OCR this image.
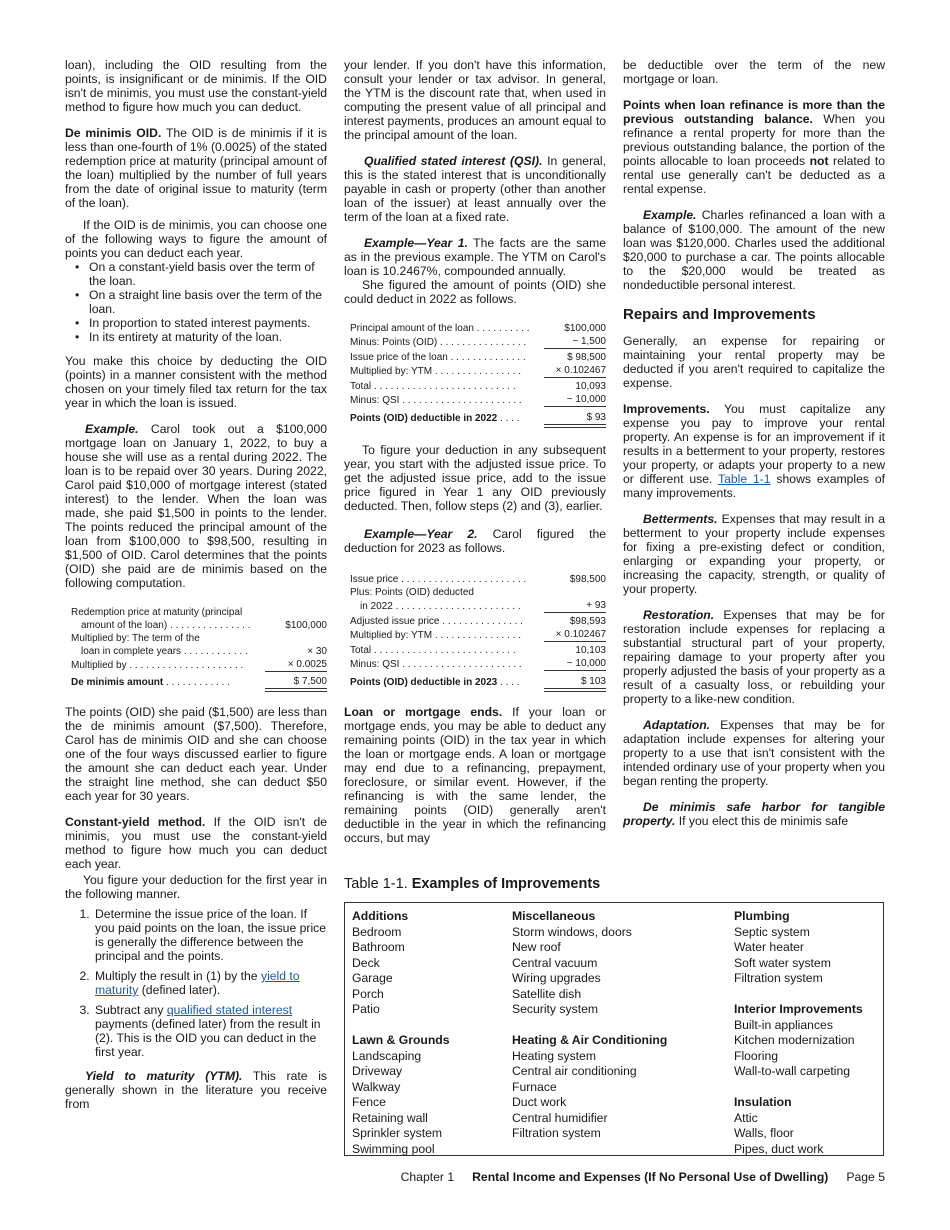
loan), including the OID resulting from the points, is insignificant or de minimis. If the OID isn't de minimis, you must use the constant-yield method to figure how much you can deduct.

De minimis OID. The OID is de minimis if it is less than one-fourth of 1% (0.0025) of the stated redemption price at maturity (principal amount of the loan) multiplied by the number of full years from the date of original issue to maturity (term of the loan).

If the OID is de minimis, you can choose one of the following ways to figure the amount of points you can deduct each year.

• On a constant-yield basis over the term of the loan.
• On a straight line basis over the term of the loan.
• In proportion to stated interest payments.
• In its entirety at maturity of the loan.

You make this choice by deducting the OID (points) in a manner consistent with the method chosen on your timely filed tax return for the tax year in which the loan is issued.

Example. Carol took out a $100,000 mortgage loan on January 1, 2022, to buy a house she will use as a rental during 2022. The loan is to be repaid over 30 years. During 2022, Carol paid $10,000 of mortgage interest (stated interest) to the lender. When the loan was made, she paid $1,500 in points to the lender. The points reduced the principal amount of the loan from $100,000 to $98,500, resulting in $1,500 of OID. Carol determines that the points (OID) she paid are de minimis based on the following computation.

Redemption price at maturity (principal
amount of the loan) . . . . . . . . . . . . . . .	$100,000
Multiplied by: The term of the
loan in complete years . . . . . . . . . . . .	× 30
Multiplied by . . . . . . . . . . . . . . . . . . . . .	× 0.0025
De minimis amount . . . . . . . . . . . .	$ 7,500

The points (OID) she paid ($1,500) are less than the de minimis amount ($7,500). Therefore, Carol has de minimis OID and she can choose one of the four ways discussed earlier to figure the amount she can deduct each year. Under the straight line method, she can deduct $50 each year for 30 years.

Constant-yield method. If the OID isn't de minimis, you must use the constant-yield method to figure how much you can deduct each year.

You figure your deduction for the first year in the following manner.

1. Determine the issue price of the loan. If you paid points on the loan, the issue price is generally the difference between the principal and the points.
2. Multiply the result in (1) by the yield to maturity (defined later).
3. Subtract any qualified stated interest payments (defined later) from the result in (2). This is the OID you can deduct in the first year.

Yield to maturity (YTM). This rate is generally shown in the literature you receive from

your lender. If you don't have this information, consult your lender or tax advisor. In general, the YTM is the discount rate that, when used in computing the present value of all principal and interest payments, produces an amount equal to the principal amount of the loan.

Qualified stated interest (QSI). In general, this is the stated interest that is unconditionally payable in cash or property (other than another loan of the issuer) at least annually over the term of the loan at a fixed rate.

Example—Year 1. The facts are the same as in the previous example. The YTM on Carol's loan is 10.2467%, compounded annually.

She figured the amount of points (OID) she could deduct in 2022 as follows.

Principal amount of the loan . . . . . . . . . .	$100,000
Minus: Points (OID) . . . . . . . . . . . . . . . .	− 1,500
Issue price of the loan . . . . . . . . . . . . . .	$ 98,500
Multiplied by: YTM . . . . . . . . . . . . . . . .	× 0.102467
Total . . . . . . . . . . . . . . . . . . . . . . . . . .	10,093
Minus: QSI . . . . . . . . . . . . . . . . . . . . . .	− 10,000
Points (OID) deductible in 2022 . . . .	$ 93

To figure your deduction in any subsequent year, you start with the adjusted issue price. To get the adjusted issue price, add to the issue price figured in Year 1 any OID previously deducted. Then, follow steps (2) and (3), earlier.

Example—Year 2. Carol figured the deduction for 2023 as follows.

Issue price . . . . . . . . . . . . . . . . . . . . . . .	$98,500
Plus: Points (OID) deducted
in 2022 . . . . . . . . . . . . . . . . . . . . . . .	+ 93
Adjusted issue price . . . . . . . . . . . . . . .	$98,593
Multiplied by: YTM . . . . . . . . . . . . . . . .	× 0.102467
Total . . . . . . . . . . . . . . . . . . . . . . . . . .	10,103
Minus: QSI . . . . . . . . . . . . . . . . . . . . . .	− 10,000
Points (OID) deductible in 2023 . . . .	$ 103

Loan or mortgage ends. If your loan or mortgage ends, you may be able to deduct any remaining points (OID) in the tax year in which the loan or mortgage ends. A loan or mortgage may end due to a refinancing, prepayment, foreclosure, or similar event. However, if the refinancing is with the same lender, the remaining points (OID) generally aren't deductible in the year in which the refinancing occurs, but may

be deductible over the term of the new mortgage or loan.

Points when loan refinance is more than the previous outstanding balance. When you refinance a rental property for more than the previous outstanding balance, the portion of the points allocable to loan proceeds not related to rental use generally can't be deducted as a rental expense.

Example. Charles refinanced a loan with a balance of $100,000. The amount of the new loan was $120,000. Charles used the additional $20,000 to purchase a car. The points allocable to the $20,000 would be treated as nondeductible personal interest.

Repairs and Improvements

Generally, an expense for repairing or maintaining your rental property may be deducted if you aren't required to capitalize the expense.

Improvements. You must capitalize any expense you pay to improve your rental property. An expense is for an improvement if it results in a betterment to your property, restores your property, or adapts your property to a new or different use. Table 1-1 shows examples of many improvements.

Betterments. Expenses that may result in a betterment to your property include expenses for fixing a pre-existing defect or condition, enlarging or expanding your property, or increasing the capacity, strength, or quality of your property.

Restoration. Expenses that may be for restoration include expenses for replacing a substantial structural part of your property, repairing damage to your property after you properly adjusted the basis of your property as a result of a casualty loss, or rebuilding your property to a like-new condition.

Adaptation. Expenses that may be for adaptation include expenses for altering your property to a use that isn't consistent with the intended ordinary use of your property when you began renting the property.

De minimis safe harbor for tangible property. If you elect this de minimis safe

Table 1-1. Examples of Improvements
Additions
Bedroom
Bathroom
Deck
Garage
Porch
Patio
Lawn & Grounds
Landscaping
Driveway
Walkway
Fence
Retaining wall
Sprinkler system
Swimming pool
Miscellaneous
Storm windows, doors
New roof
Central vacuum
Wiring upgrades
Satellite dish
Security system
Heating & Air Conditioning
Heating system
Central air conditioning
Furnace
Duct work
Central humidifier
Filtration system
Plumbing
Septic system
Water heater
Soft water system
Filtration system
Interior Improvements
Built-in appliances
Kitchen modernization
Flooring
Wall-to-wall carpeting
Insulation
Attic
Walls, floor
Pipes, duct work
Chapter 1 Rental Income and Expenses (If No Personal Use of Dwelling) Page 5
